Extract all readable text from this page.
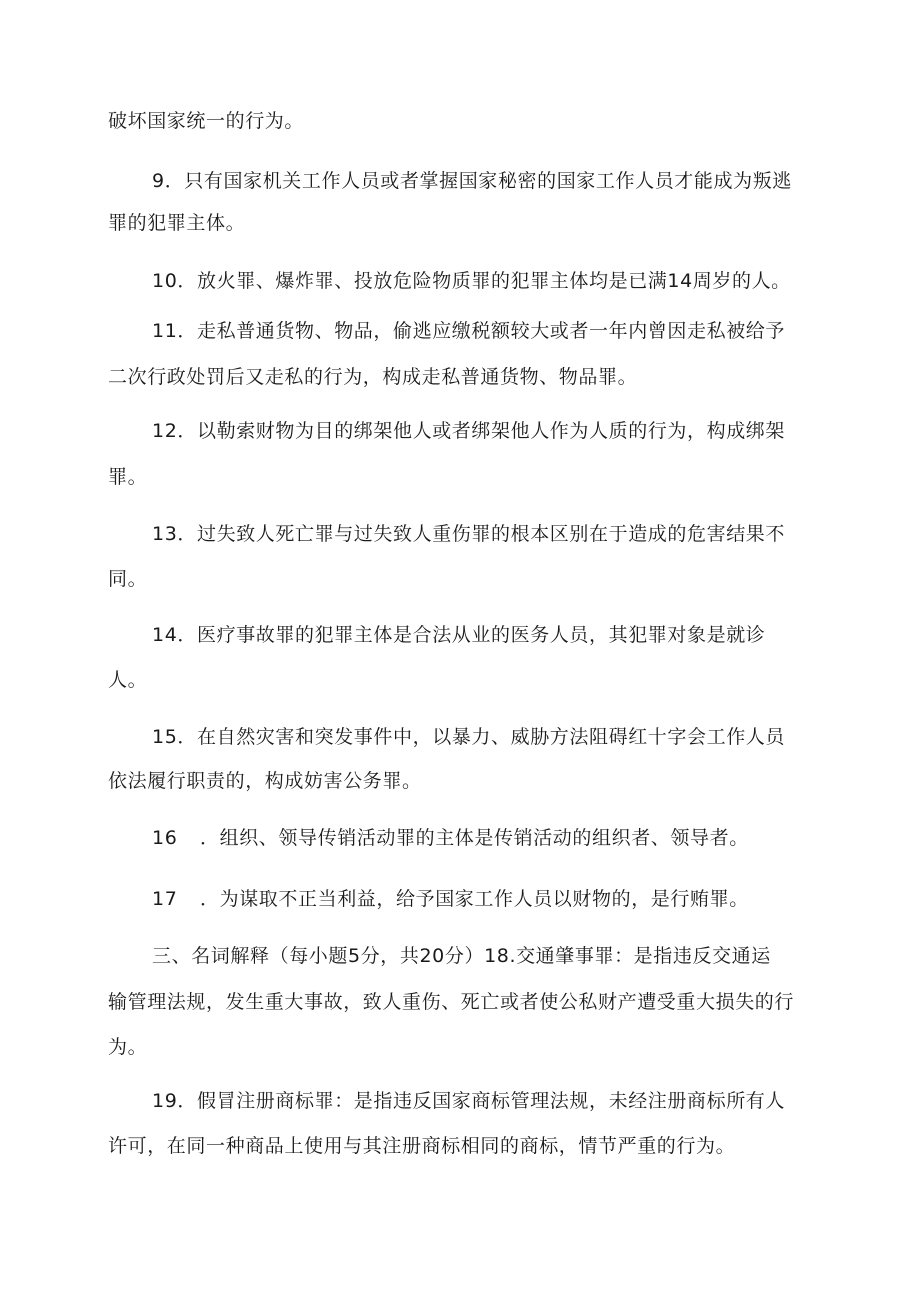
破坏国家统一的行为。
9．只有国家机关工作人员或者掌握国家秘密的国家工作人员才能成为叛逃
罪的犯罪主体。
10．放火罪、爆炸罪、投放危险物质罪的犯罪主体均是已满14周岁的人。
11．走私普通货物、物品，偷逃应缴税额较大或者一年内曾因走私被给予
二次行政处罚后又走私的行为，构成走私普通货物、物品罪。
12．以勒索财物为目的绑架他人或者绑架他人作为人质的行为，构成绑架
罪。
13．过失致人死亡罪与过失致人重伤罪的根本区别在于造成的危害结果不
同。
14．医疗事故罪的犯罪主体是合法从业的医务人员，其犯罪对象是就诊
人。
15．在自然灾害和突发事件中，以暴力、威胁方法阻碍红十字会工作人员
依法履行职责的，构成妨害公务罪。
16 ．组织、领导传销活动罪的主体是传销活动的组织者、领导者。
17 ．为谋取不正当利益，给予国家工作人员以财物的，是行贿罪。
三、名词解释（每小题5分，共20分）18.交通肇事罪：是指违反交通运
输管理法规，发生重大事故，致人重伤、死亡或者使公私财产遭受重大损失的行
为。
19．假冒注册商标罪：是指违反国家商标管理法规，未经注册商标所有人
许可，在同一种商品上使用与其注册商标相同的商标，情节严重的行为。
